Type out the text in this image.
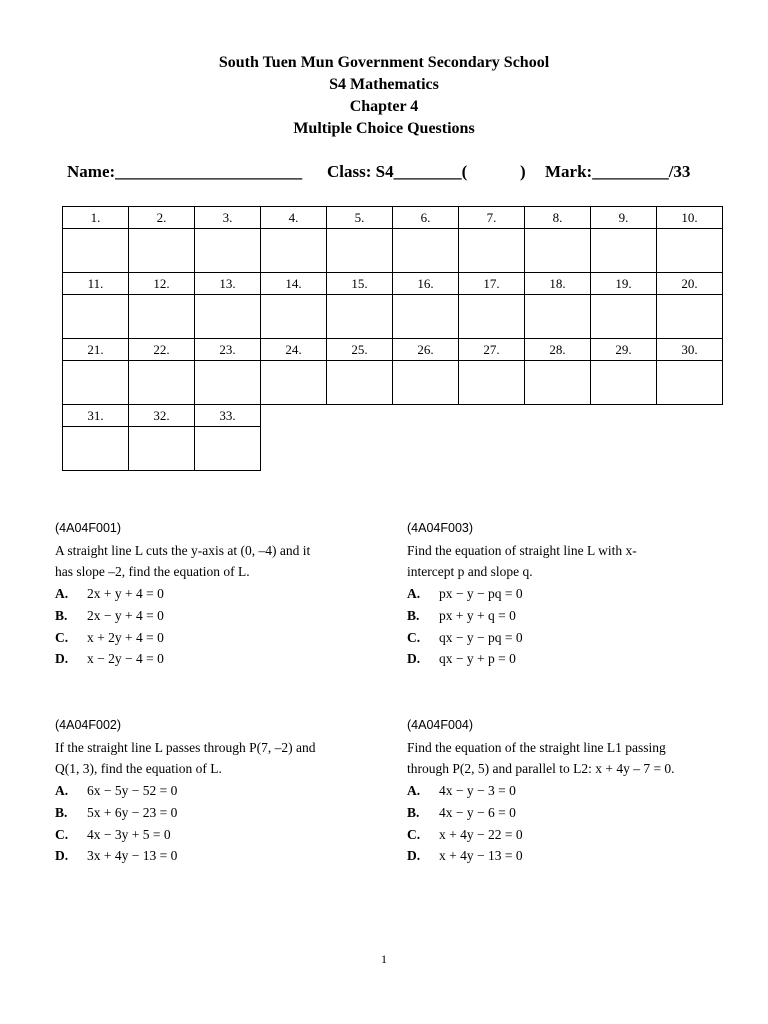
South Tuen Mun Government Secondary School
S4 Mathematics
Chapter 4
Multiple Choice Questions
Name:______________________ Class: S4________(	) Mark:_________/33
1.	2.	3.	4.	5.	6.	7.	8.	9.	10.

11.	12.	13.	14.	15.	16.	17.	18.	19.	20.

21.	22.	23.	24.	25.	26.	27.	28.	29.	30.

31.	32.	33.							

(4A04F001)
A straight line L cuts the y-axis at (0, –4) and it
has slope –2, find the equation of L.
A. 2x + y + 4 = 0
B. 2x − y + 4 = 0
C. x + 2y + 4 = 0
D. x − 2y − 4 = 0
(4A04F003)
Find the equation of straight line L with x-
intercept p and slope q.
A. px − y − pq = 0
B. px + y + q = 0
C. qx − y − pq = 0
D. qx − y + p = 0
(4A04F002)
If the straight line L passes through P(7, –2) and
Q(1, 3), find the equation of L.
A. 6x − 5y − 52 = 0
B. 5x + 6y − 23 = 0
C. 4x − 3y + 5 = 0
D. 3x + 4y − 13 = 0
(4A04F004)
Find the equation of the straight line L1 passing
through P(2, 5) and parallel to L2: x + 4y – 7 = 0.
A. 4x − y − 3 = 0
B. 4x − y − 6 = 0
C. x + 4y − 22 = 0
D. x + 4y − 13 = 0
1
